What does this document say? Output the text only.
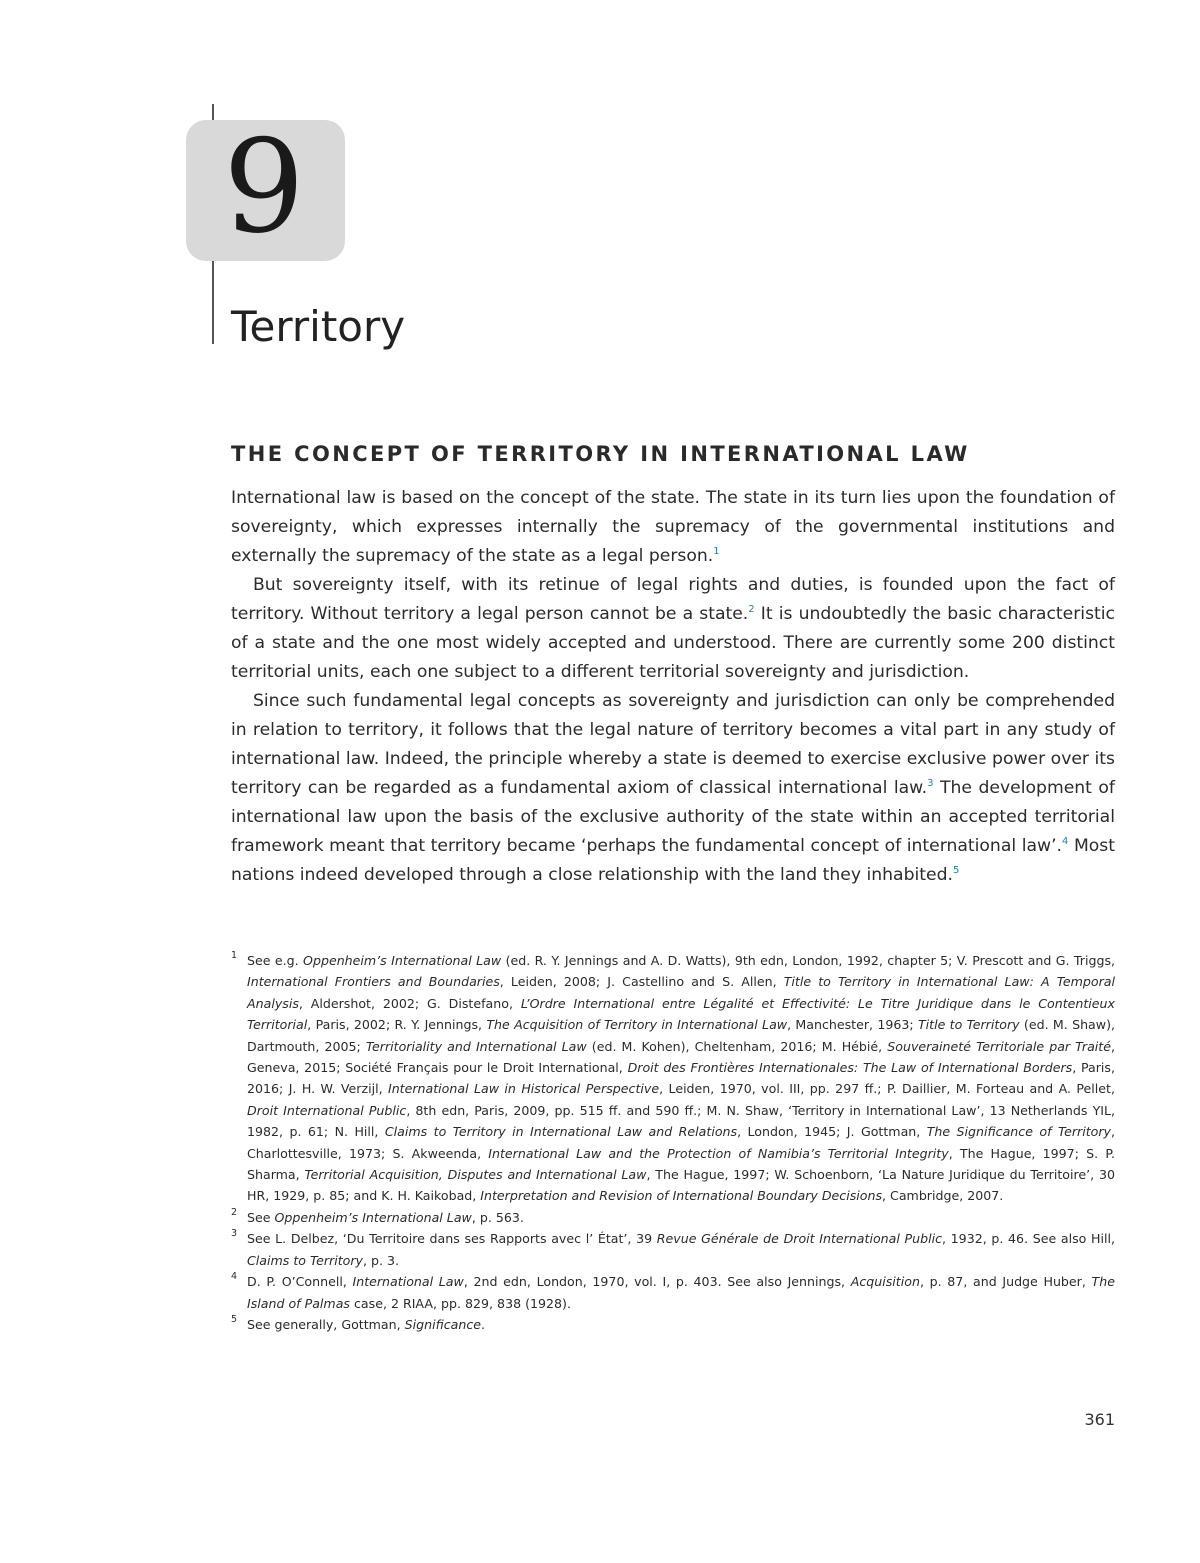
9
Territory
THE CONCEPT OF TERRITORY IN INTERNATIONAL LAW

International law is based on the concept of the state. The state in its turn lies upon the foundation of sovereignty, which expresses internally the supremacy of the governmental institutions and externally the supremacy of the state as a legal person.$^1$

But sovereignty itself, with its retinue of legal rights and duties, is founded upon the fact of territory. Without territory a legal person cannot be a state.$^2$ It is undoubtedly the basic characteristic of a state and the one most widely accepted and understood. There are currently some 200 distinct territorial units, each one subject to a different territorial sovereignty and jurisdiction.

Since such fundamental legal concepts as sovereignty and jurisdiction can only be comprehended in relation to territory, it follows that the legal nature of territory becomes a vital part in any study of international law. Indeed, the principle whereby a state is deemed to exercise exclusive power over its territory can be regarded as a fundamental axiom of classical international law.$^3$ The development of international law upon the basis of the exclusive authority of the state within an accepted territorial framework meant that territory became ‘perhaps the fundamental concept of international law’.$^4$ Most nations indeed developed through a close relationship with the land they inhabited.$^5$

1 See e.g. Oppenheim’s International Law (ed. R. Y. Jennings and A. D. Watts), 9th edn, London, 1992, chapter 5; V. Prescott and G. Triggs, International Frontiers and Boundaries, Leiden, 2008; J. Castellino and S. Allen, Title to Territory in International Law: A Temporal Analysis, Aldershot, 2002; G. Distefano, L’Ordre International entre Légalité et Effectivité: Le Titre Juridique dans le Contentieux Territorial, Paris, 2002; R. Y. Jennings, The Acquisition of Territory in International Law, Manchester, 1963; Title to Territory (ed. M. Shaw), Dartmouth, 2005; Territoriality and International Law (ed. M. Kohen), Cheltenham, 2016; M. Hébié, Souveraineté Territoriale par Traité, Geneva, 2015; Société Français pour le Droit International, Droit des Frontières Internationales: The Law of International Borders, Paris, 2016; J. H. W. Verzijl, International Law in Historical Perspective, Leiden, 1970, vol. III, pp. 297 ff.; P. Daillier, M. Forteau and A. Pellet, Droit International Public, 8th edn, Paris, 2009, pp. 515 ff. and 590 ff.; M. N. Shaw, ‘Territory in International Law’, 13 Netherlands YIL, 1982, p. 61; N. Hill, Claims to Territory in International Law and Relations, London, 1945; J. Gottman, The Significance of Territory, Charlottesville, 1973; S. Akweenda, International Law and the Protection of Namibia’s Territorial Integrity, The Hague, 1997; S. P. Sharma, Territorial Acquisition, Disputes and International Law, The Hague, 1997; W. Schoenborn, ‘La Nature Juridique du Territoire’, 30 HR, 1929, p. 85; and K. H. Kaikobad, Interpretation and Revision of International Boundary Decisions, Cambridge, 2007.
2 See Oppenheim’s International Law, p. 563.
3 See L. Delbez, ‘Du Territoire dans ses Rapports avec l’ État’, 39 Revue Générale de Droit International Public, 1932, p. 46. See also Hill, Claims to Territory, p. 3.
4 D. P. O’Connell, International Law, 2nd edn, London, 1970, vol. I, p. 403. See also Jennings, Acquisition, p. 87, and Judge Huber, The Island of Palmas case, 2 RIAA, pp. 829, 838 (1928).
5 See generally, Gottman, Significance.
361
